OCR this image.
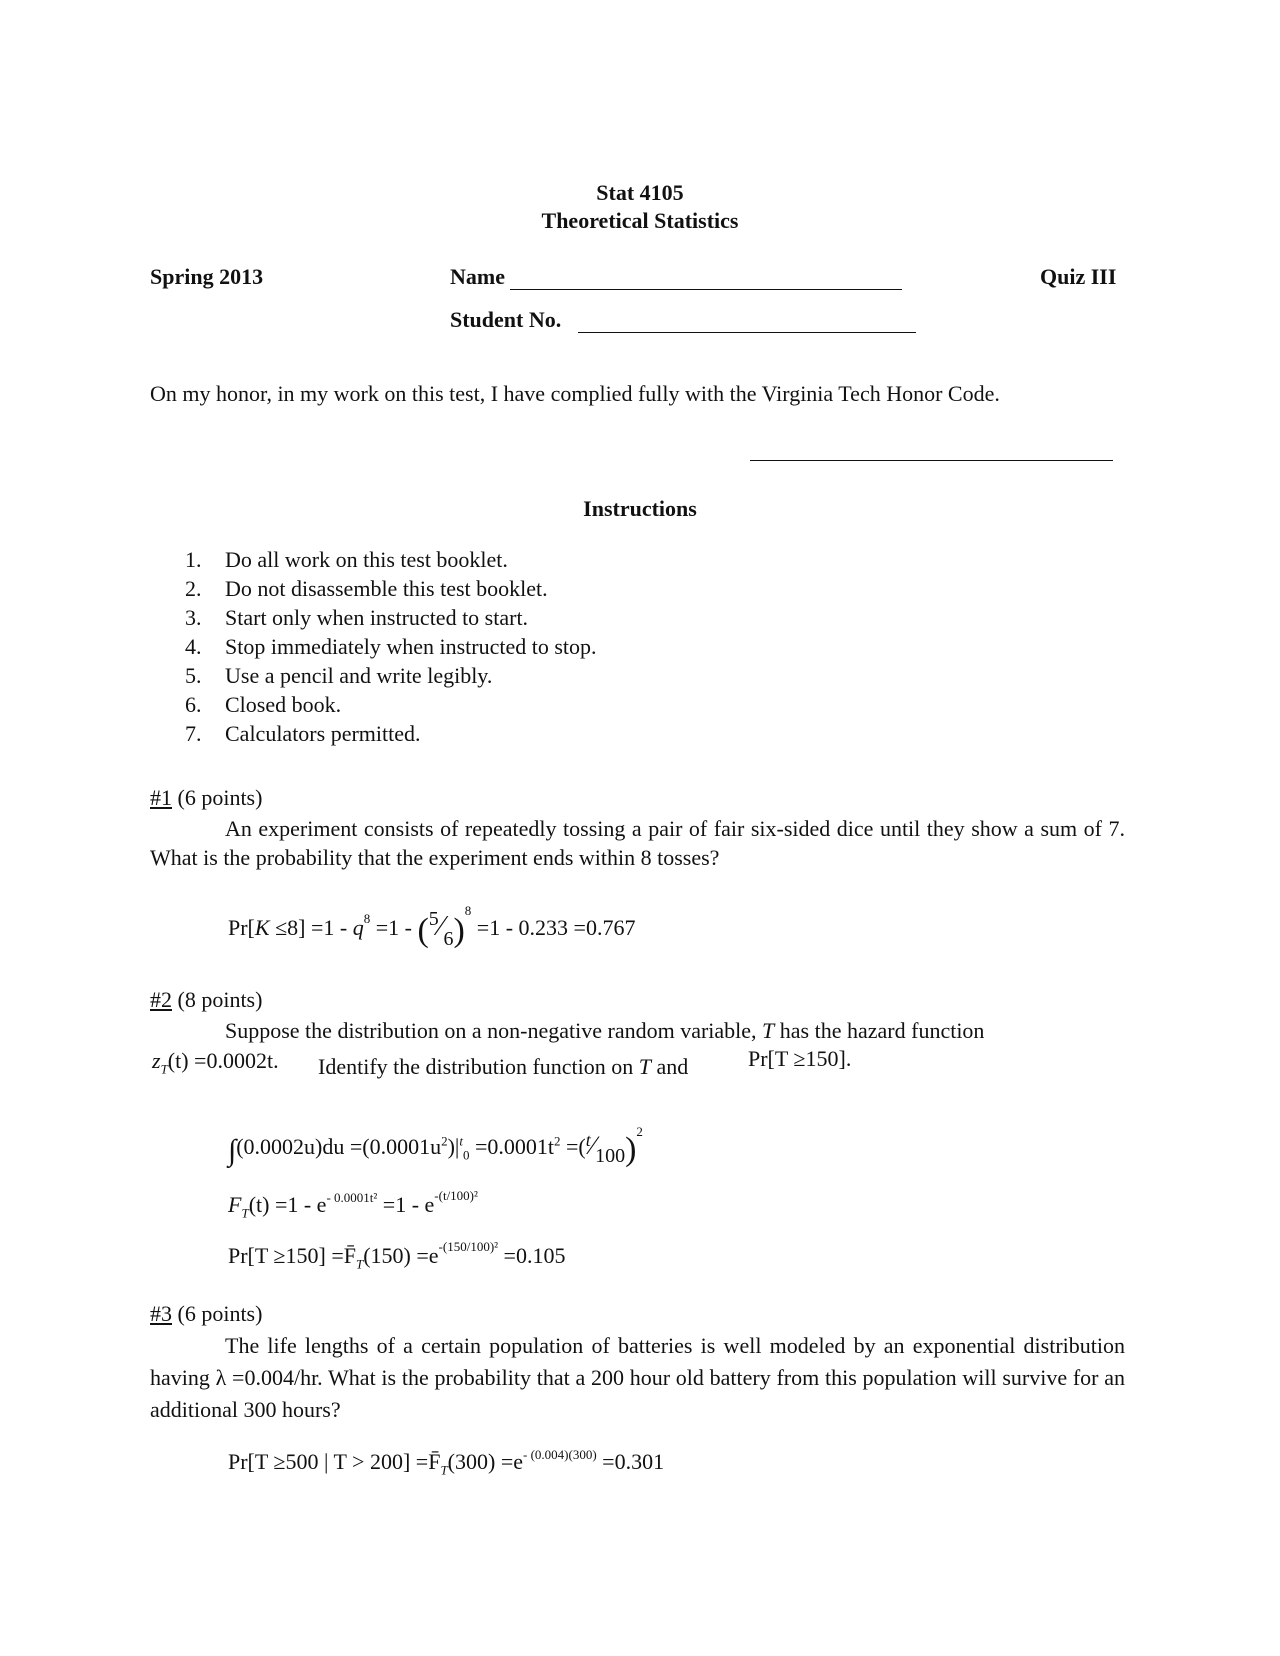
Stat 4105
Theoretical Statistics
Spring 2013	Name	Quiz III
Student No.
On my honor, in my work on this test, I have complied fully with the Virginia Tech Honor Code.
Instructions
1.	Do all work on this test booklet.
2.	Do not disassemble this test booklet.
3.	Start only when instructed to start.
4.	Stop immediately when instructed to stop.
5.	Use a pencil and write legibly.
6.	Closed book.
7.	Calculators permitted.
#1 (6 points)
An experiment consists of repeatedly tossing a pair of fair six-sided dice until they show a sum of 7. What is the probability that the experiment ends within 8 tosses?
$Pr[K \le 8] =1 - q^8 =1$ - $(^5⁄_6)^8 =1 - 0.233 =0.767$
#2 (8 points)
Suppose the distribution on a non-negative random variable, T has the hazard function
$z_T(t) =0.0002t$. Identify the distribution function on T and	Pr[T ≥150].
$\int(0.0002u)du =(0.0001u^2)|^t_0 =0.0001t^2$ $=(^t⁄_{100})^2$
$F_T(t) =1 - e^{- 0.0001t^2} =1 - e^{-(t/100)^2}$
$Pr[T \ge 150] =F̄_T(150) =e^{-(150/100)^2} =0.105$
#3 (6 points)
The life lengths of a certain population of batteries is well modeled by an exponential distribution having λ =0.004/hr. What is the probability that a 200 hour old battery from this population will survive for an additional 300 hours?
Pr[T ≥500 | $T > 200] =F̄_T(300) =e^{- (0.004)(300)} =0.301$
